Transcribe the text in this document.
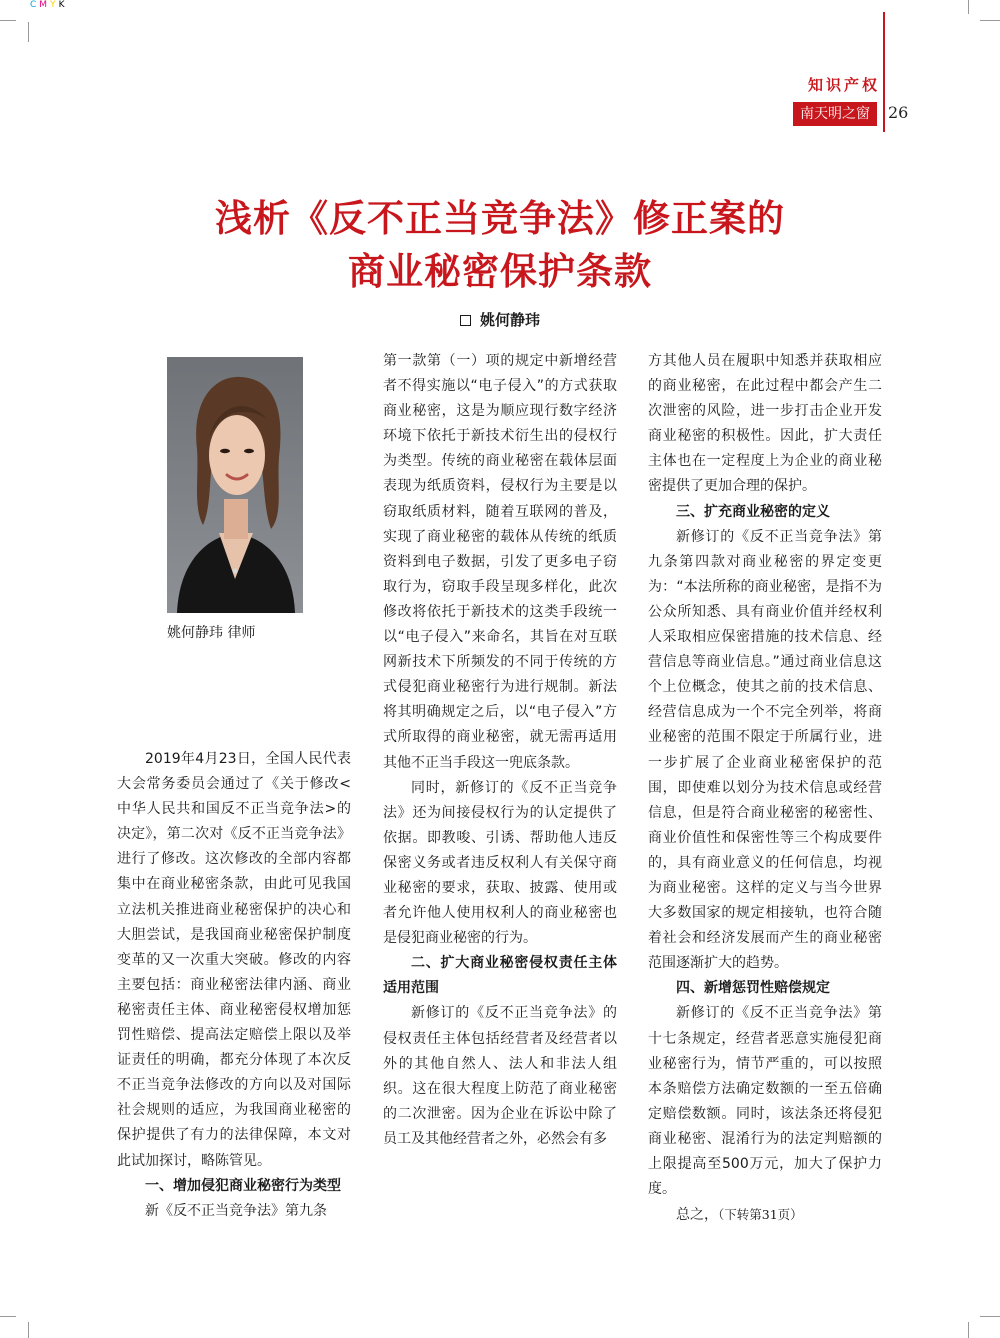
CMYK
知识产权
南天明之窗	26
浅析《反不正当竞争法》修正案的
商业秘密保护条款
姚何静玮
姚何静玮 律师

2019年4月23日，全国人民代表大会常务委员会通过了《关于修改<中华人民共和国反不正当竞争法>的决定》，第二次对《反不正当竞争法》进行了修改。这次修改的全部内容都集中在商业秘密条款，由此可见我国立法机关推进商业秘密保护的决心和大胆尝试，是我国商业秘密保护制度变革的又一次重大突破。修改的内容主要包括：商业秘密法律内涵、商业秘密责任主体、商业秘密侵权增加惩罚性赔偿、提高法定赔偿上限以及举证责任的明确，都充分体现了本次反不正当竞争法修改的方向以及对国际社会规则的适应，为我国商业秘密的保护提供了有力的法律保障，本文对此试加探讨，略陈管见。

一、增加侵犯商业秘密行为类型

新《反不正当竞争法》第九条

第一款第（一）项的规定中新增经营者不得实施以“电子侵入”的方式获取商业秘密，这是为顺应现行数字经济环境下依托于新技术衍生出的侵权行为类型。传统的商业秘密在载体层面表现为纸质资料，侵权行为主要是以窃取纸质材料，随着互联网的普及，实现了商业秘密的载体从传统的纸质资料到电子数据，引发了更多电子窃取行为，窃取手段呈现多样化，此次修改将依托于新技术的这类手段统一以“电子侵入”来命名，其旨在对互联网新技术下所频发的不同于传统的方式侵犯商业秘密行为进行规制。新法将其明确规定之后，以“电子侵入”方式所取得的商业秘密，就无需再适用其他不正当手段这一兜底条款。

同时，新修订的《反不正当竞争法》还为间接侵权行为的认定提供了依据。即教唆、引诱、帮助他人违反保密义务或者违反权利人有关保守商业秘密的要求，获取、披露、使用或者允许他人使用权利人的商业秘密也是侵犯商业秘密的行为。

二、扩大商业秘密侵权责任主体适用范围

新修订的《反不正当竞争法》的侵权责任主体包括经营者及经营者以外的其他自然人、法人和非法人组织。这在很大程度上防范了商业秘密的二次泄密。因为企业在诉讼中除了员工及其他经营者之外，必然会有多

方其他人员在履职中知悉并获取相应的商业秘密，在此过程中都会产生二次泄密的风险，进一步打击企业开发商业秘密的积极性。因此，扩大责任主体也在一定程度上为企业的商业秘密提供了更加合理的保护。

三、扩充商业秘密的定义

新修订的《反不正当竞争法》第九条第四款对商业秘密的界定变更为：“本法所称的商业秘密，是指不为公众所知悉、具有商业价值并经权利人采取相应保密措施的技术信息、经营信息等商业信息。”通过商业信息这个上位概念，使其之前的技术信息、经营信息成为一个不完全列举，将商业秘密的范围不限定于所属行业，进一步扩展了企业商业秘密保护的范围，即使难以划分为技术信息或经营信息，但是符合商业秘密的秘密性、商业价值性和保密性等三个构成要件的，具有商业意义的任何信息，均视为商业秘密。这样的定义与当今世界大多数国家的规定相接轨，也符合随着社会和经济发展而产生的商业秘密范围逐渐扩大的趋势。

四、新增惩罚性赔偿规定

新修订的《反不正当竞争法》第十七条规定，经营者恶意实施侵犯商业秘密行为，情节严重的，可以按照本条赔偿方法确定数额的一至五倍确定赔偿数额。同时，该法条还将侵犯商业秘密、混淆行为的法定判赔额的上限提高至500万元，加大了保护力度。

总之，（下转第31页）
